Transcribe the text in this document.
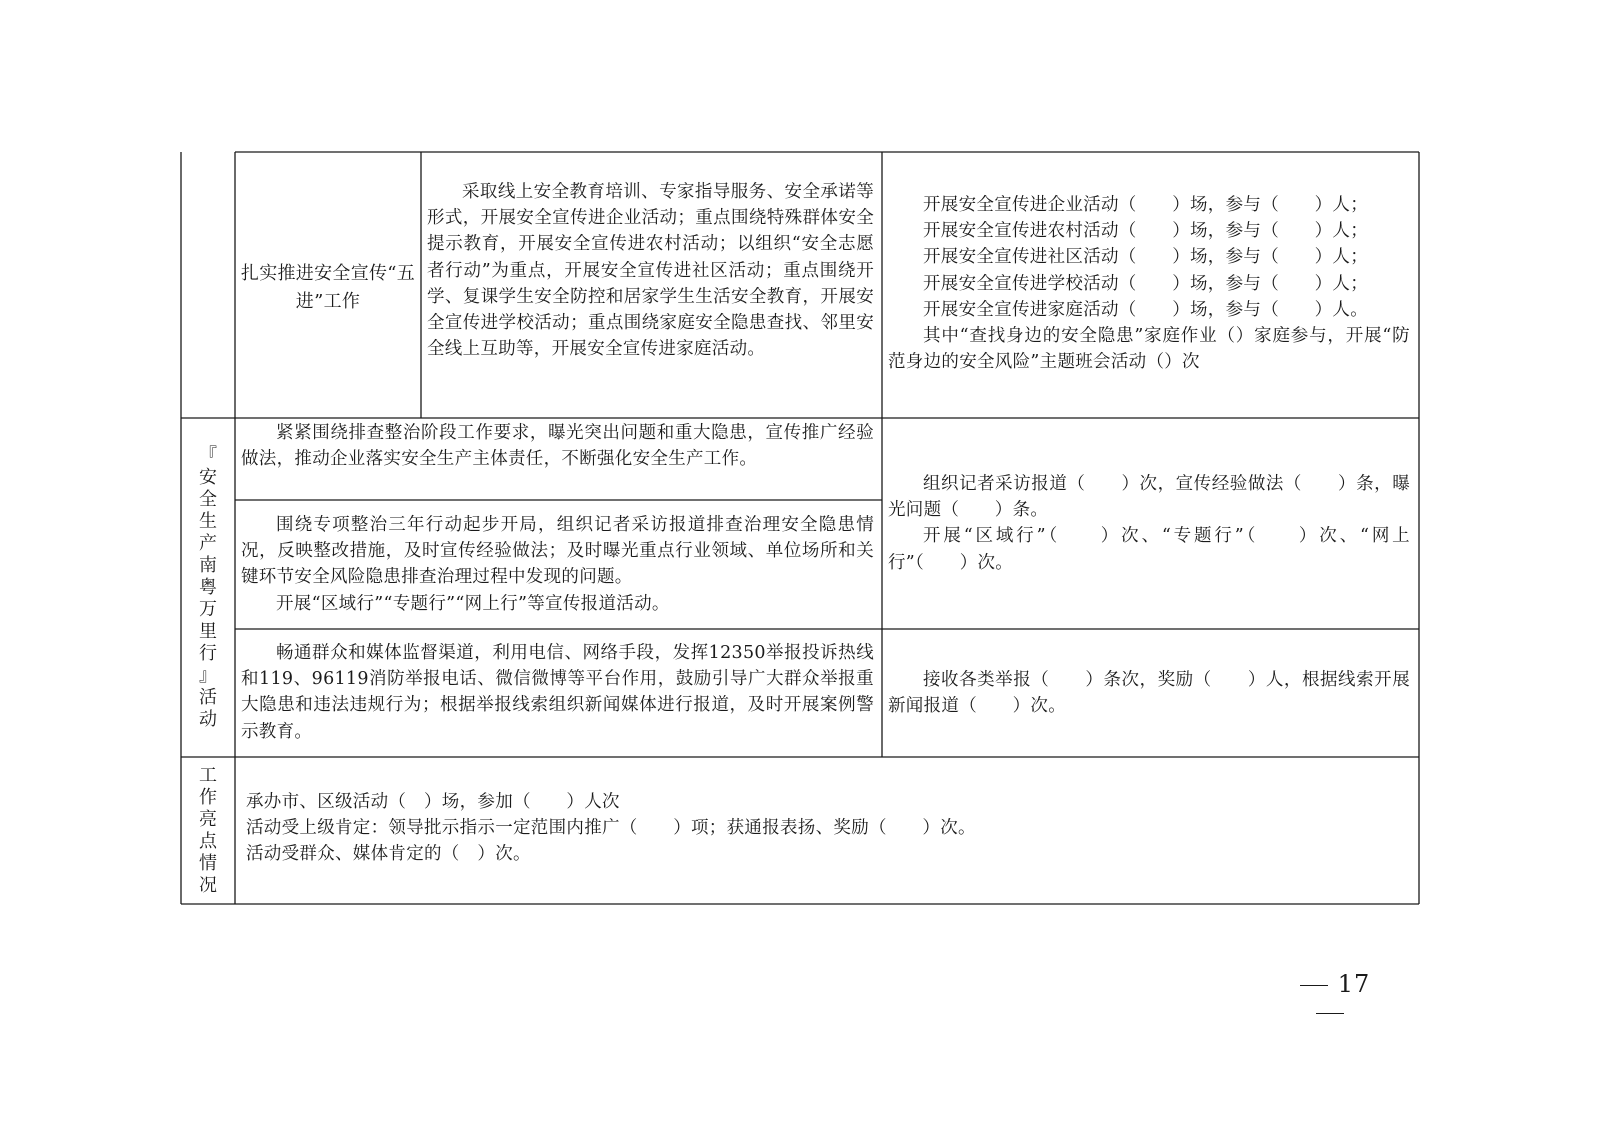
扎实推进安全宣传“五进”工作

采取线上安全教育培训、专家指导服务、安全承诺等形式，开展安全宣传进企业活动；重点围绕特殊群体安全提示教育，开展安全宣传进农村活动；以组织“安全志愿者行动”为重点，开展安全宣传进社区活动；重点围绕开学、复课学生安全防控和居家学生生活安全教育，开展安全宣传进学校活动；重点围绕家庭安全隐患查找、邻里安全线上互助等，开展安全宣传进家庭活动。

开展安全宣传进企业活动（　　）场，参与（　　）人；

开展安全宣传进农村活动（　　）场，参与（　　）人；

开展安全宣传进社区活动（　　）场，参与（　　）人；

开展安全宣传进学校活动（　　）场，参与（　　）人；

开展安全宣传进家庭活动（　　）场，参与（　　）人。

其中“查找身边的安全隐患”家庭作业（）家庭参与，开展“防范身边的安全风险”主题班会活动（）次

『
安
全
生
产
南
粤
万
里
行
』
活
动

紧紧围绕排查整治阶段工作要求，曝光突出问题和重大隐患，宣传推广经验做法，推动企业落实安全生产主体责任，不断强化安全生产工作。

围绕专项整治三年行动起步开局，组织记者采访报道排查治理安全隐患情况，反映整改措施，及时宣传经验做法；及时曝光重点行业领域、单位场所和关键环节安全风险隐患排查治理过程中发现的问题。

开展“区域行”“专题行”“网上行”等宣传报道活动。

组织记者采访报道（　　）次，宣传经验做法（　　）条，曝光问题（　　）条。

开展“区域行”（　　）次、“专题行”（　　）次、“网上行”（　　）次。

畅通群众和媒体监督渠道，利用电信、网络手段，发挥12350举报投诉热线和119、96119消防举报电话、微信微博等平台作用，鼓励引导广大群众举报重大隐患和违法违规行为；根据举报线索组织新闻媒体进行报道，及时开展案例警示教育。

接收各类举报（　　）条次，奖励（　　）人，根据线索开展新闻报道（　　）次。

工
作
亮
点
情
况

承办市、区级活动（　）场，参加（　　）人次

活动受上级肯定：领导批示指示一定范围内推广（　　）项；获通报表扬、奖励（　　）次。

活动受群众、媒体肯定的（　）次。

17
